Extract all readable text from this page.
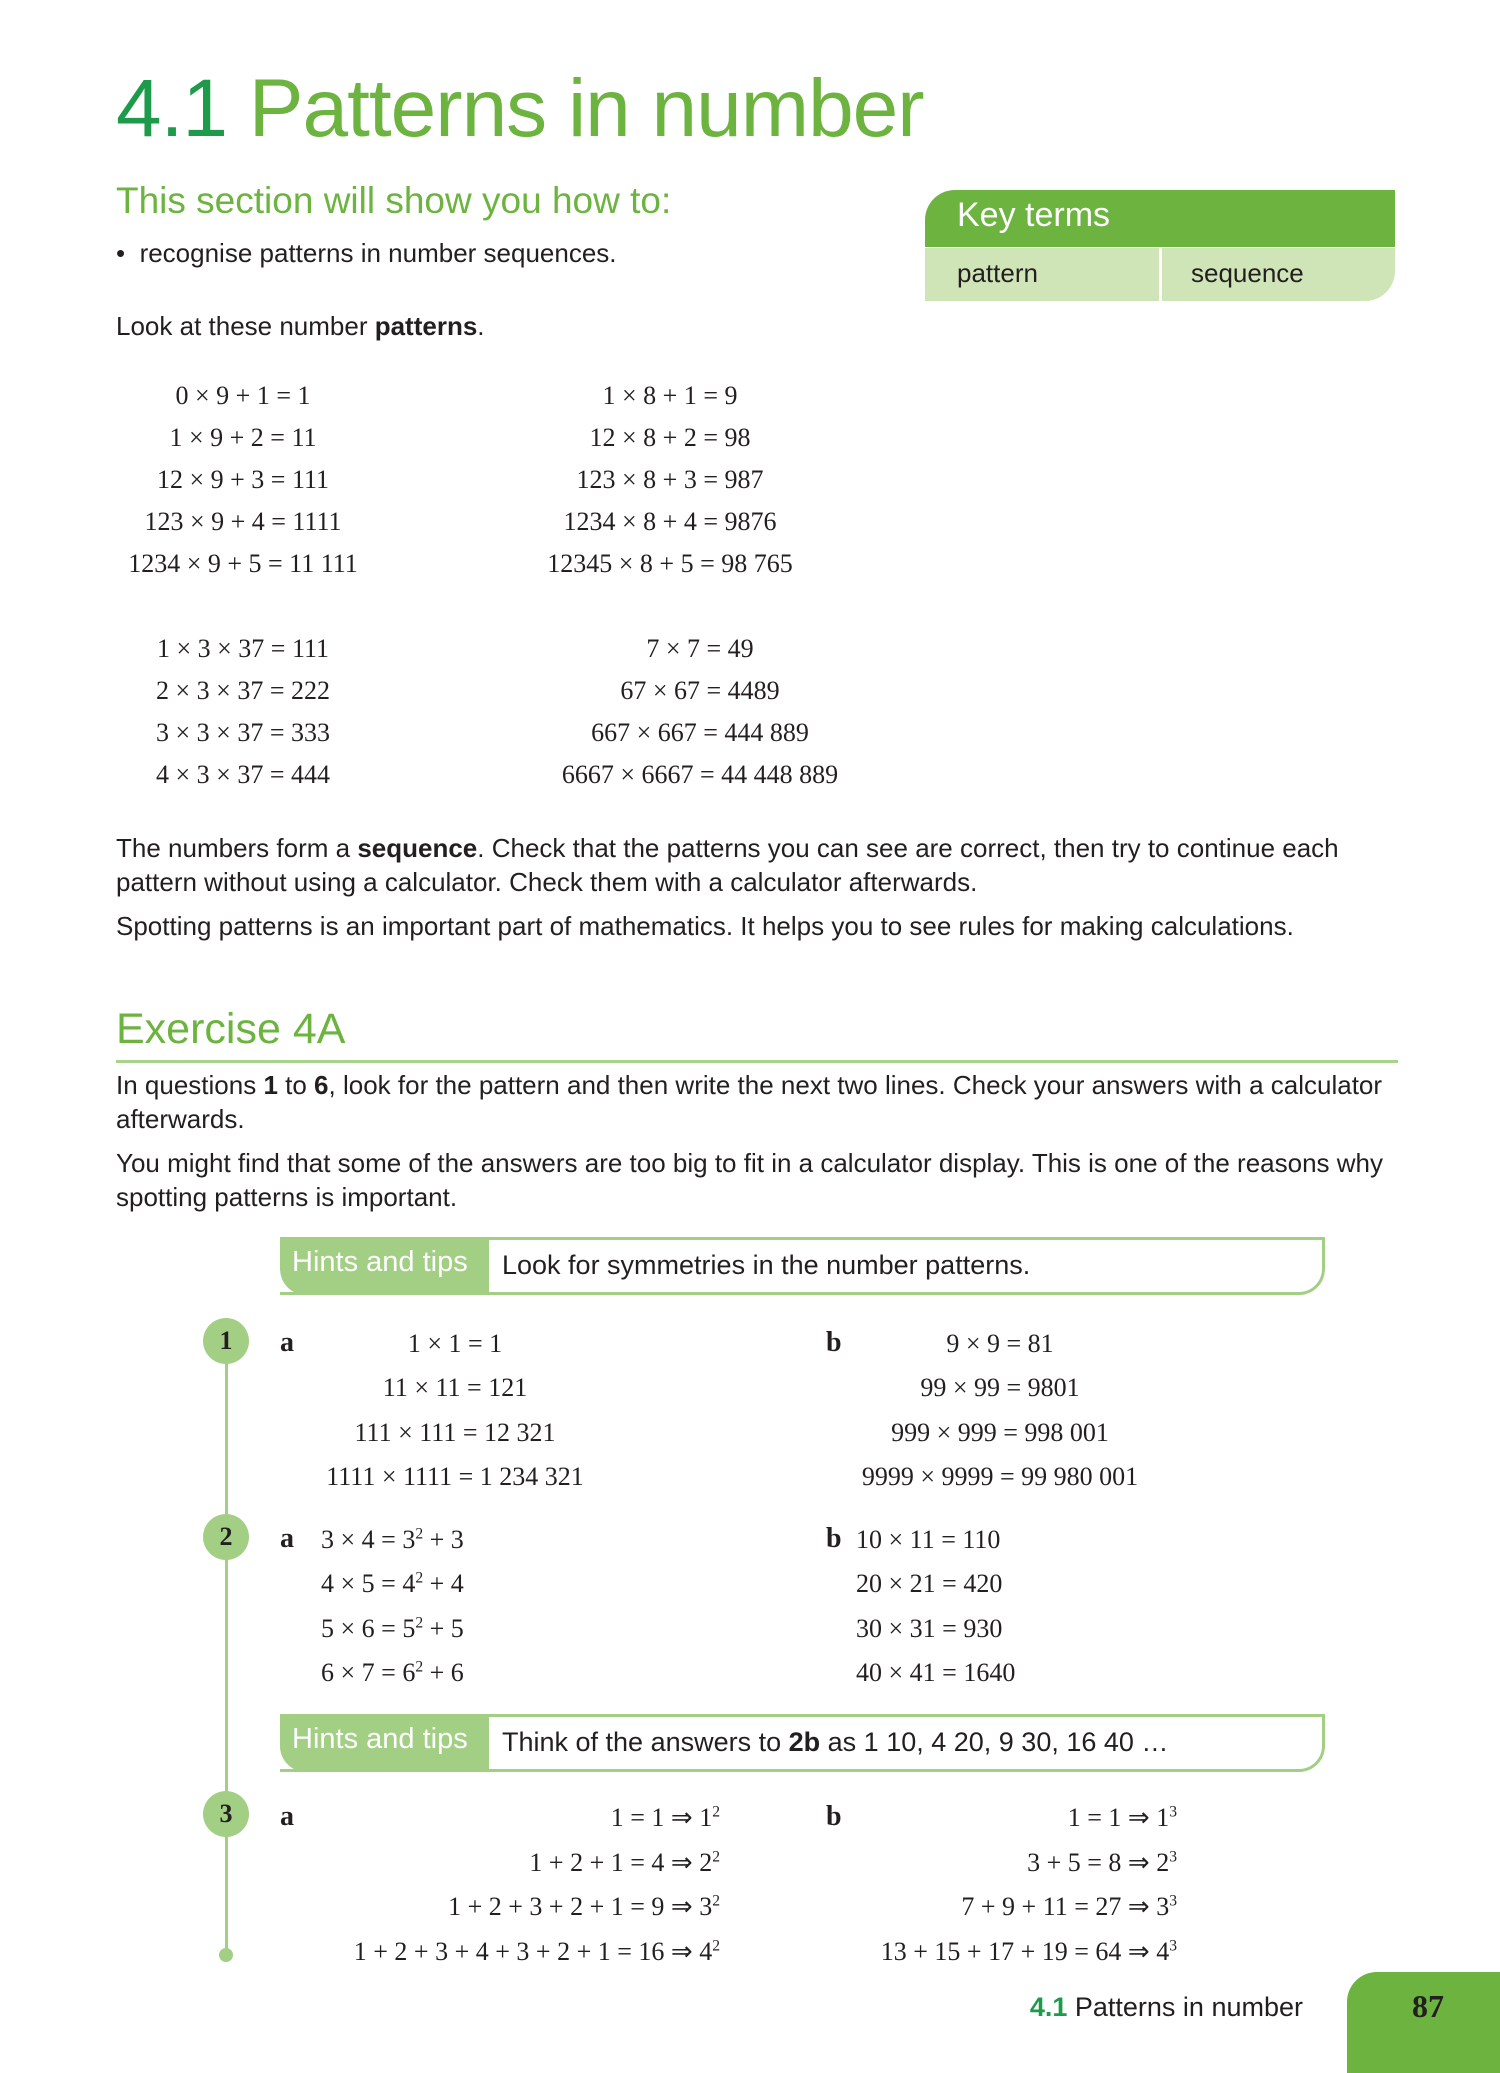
4.1 Patterns in number
This section will show you how to:
•  recognise patterns in number sequences.
Key terms
pattern	sequence
Look at these number patterns.
0 × 9 + 1 = 1
1 × 9 + 2 = 11
12 × 9 + 3 = 111
123 × 9 + 4 = 1111
1234 × 9 + 5 = 11 111
1 × 8 + 1 = 9
12 × 8 + 2 = 98
123 × 8 + 3 = 987
1234 × 8 + 4 = 9876
12345 × 8 + 5 = 98 765
1 × 3 × 37 = 111
2 × 3 × 37 = 222
3 × 3 × 37 = 333
4 × 3 × 37 = 444
7 × 7 = 49
67 × 67 = 4489
667 × 667 = 444 889
6667 × 6667 = 44 448 889
The numbers form a sequence. Check that the patterns you can see are correct, then try to continue each pattern without using a calculator. Check them with a calculator afterwards.
Spotting patterns is an important part of mathematics. It helps you to see rules for making calculations.
Exercise 4A
In questions 1 to 6, look for the pattern and then write the next two lines. Check your answers with a calculator afterwards.
You might find that some of the answers are too big to fit in a calculator display. This is one of the reasons why spotting patterns is important.
Hints and tips	Look for symmetries in the number patterns.
1	a	1 × 1 = 1
11 × 11 = 121
111 × 111 = 12 321
1111 × 1111 = 1 234 321
b	9 × 9 = 81
99 × 99 = 9801
999 × 999 = 998 001
9999 × 9999 = 99 980 001
2	a $3 \times 4 = 3^2 + 3$
$4 \times 5 = 4^2 + 4$
$5 \times 6 = 5^2 + 5$
$6 \times 7 = 6^2 + 6$
b 10 × 11 = 110
20 × 21 = 420
30 × 31 = 930
40 × 41 = 1640
Hints and tips	Think of the answers to 2b as 1 10, 4 20, 9 30, 16 40 …
3	a	1 = 1 ⇒ $1^2$
1 + 2 + 1 = 4 ⇒ $2^2$
1 + 2 + 3 + 2 + 1 = 9 ⇒ $3^2$
1 + 2 + 3 + 4 + 3 + 2 + 1 = 16 ⇒ $4^2$
b	1 = 1 ⇒ $1^3$
3 + 5 = 8 ⇒ $2^3$
7 + 9 + 11 = 27 ⇒ $3^3$
13 + 15 + 17 + 19 = 64 ⇒ $4^3$
4.1 Patterns in number	87
